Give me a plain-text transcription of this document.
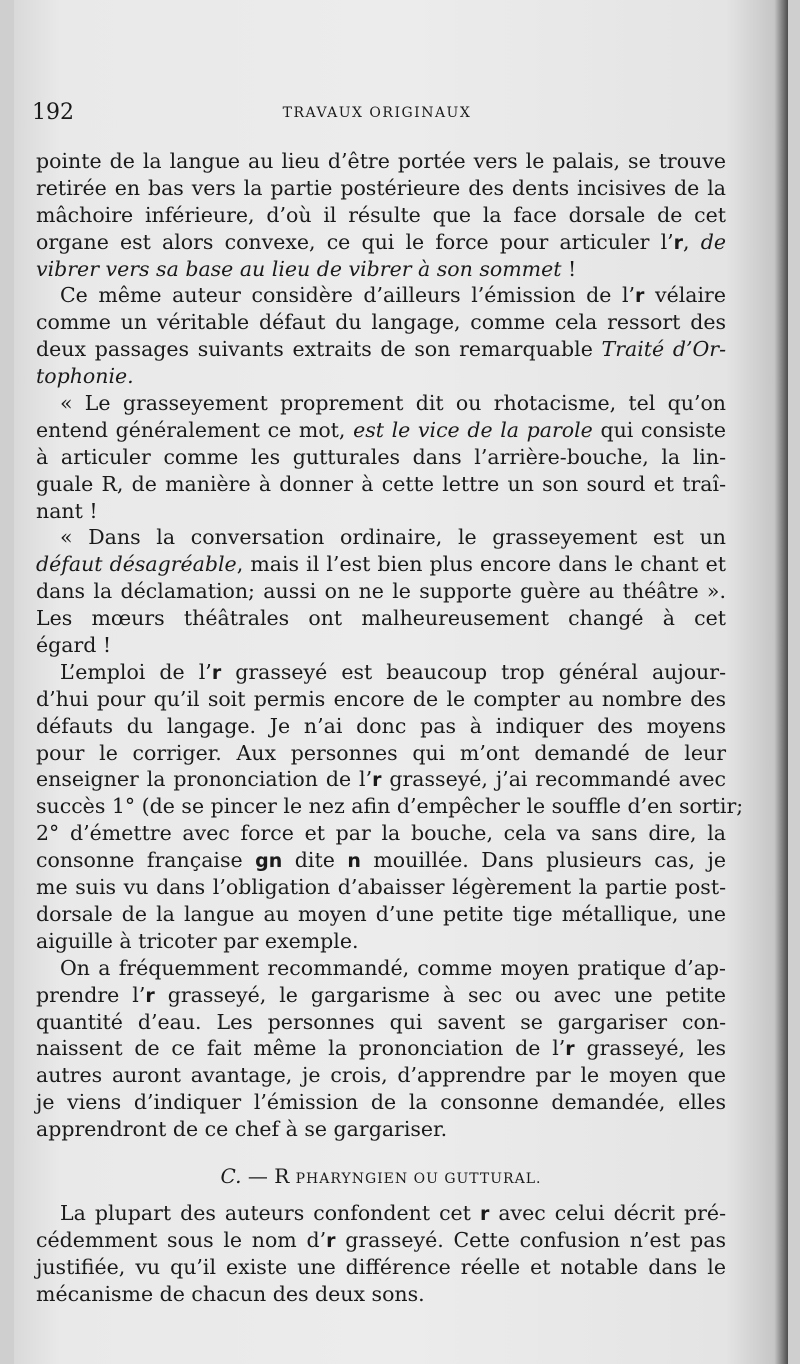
192	TRAVAUX ORIGINAUX
pointe de la langue au lieu d’être portée vers le palais, se trouve
retirée en bas vers la partie postérieure des dents incisives de la
mâchoire inférieure, d’où il résulte que la face dorsale de cet
organe est alors convexe, ce qui le force pour articuler l’r, de
vibrer vers sa base au lieu de vibrer à son sommet !
Ce même auteur considère d’ailleurs l’émission de l’r vélaire
comme un véritable défaut du langage, comme cela ressort des
deux passages suivants extraits de son remarquable Traité d’Or-
tophonie.
« Le grasseyement proprement dit ou rhotacisme, tel qu’on
entend généralement ce mot, est le vice de la parole qui consiste
à articuler comme les gutturales dans l’arrière-bouche, la lin-
guale R, de manière à donner à cette lettre un son sourd et traî-
nant !
« Dans la conversation ordinaire, le grasseyement est un
défaut désagréable, mais il l’est bien plus encore dans le chant et
dans la déclamation; aussi on ne le supporte guère au théâtre ».
Les mœurs théâtrales ont malheureusement changé à cet
égard !
L’emploi de l’r grasseyé est beaucoup trop général aujour-
d’hui pour qu’il soit permis encore de le compter au nombre des
défauts du langage. Je n’ai donc pas à indiquer des moyens
pour le corriger. Aux personnes qui m’ont demandé de leur
enseigner la prononciation de l’r grasseyé, j’ai recommandé avec
succès 1° (de se pincer le nez afin d’empêcher le souffle d’en sortir;
2° d’émettre avec force et par la bouche, cela va sans dire, la
consonne française gn dite n mouillée. Dans plusieurs cas, je
me suis vu dans l’obligation d’abaisser légèrement la partie post-
dorsale de la langue au moyen d’une petite tige métallique, une
aiguille à tricoter par exemple.
On a fréquemment recommandé, comme moyen pratique d’ap-
prendre l’r grasseyé, le gargarisme à sec ou avec une petite
quantité d’eau. Les personnes qui savent se gargariser con-
naissent de ce fait même la prononciation de l’r grasseyé, les
autres auront avantage, je crois, d’apprendre par le moyen que
je viens d’indiquer l’émission de la consonne demandée, elles
apprendront de ce chef à se gargariser.
C. — R PHARYNGIEN OU GUTTURAL.
La plupart des auteurs confondent cet r avec celui décrit pré-
cédemment sous le nom d’r grasseyé. Cette confusion n’est pas
justifiée, vu qu’il existe une différence réelle et notable dans le
mécanisme de chacun des deux sons.
